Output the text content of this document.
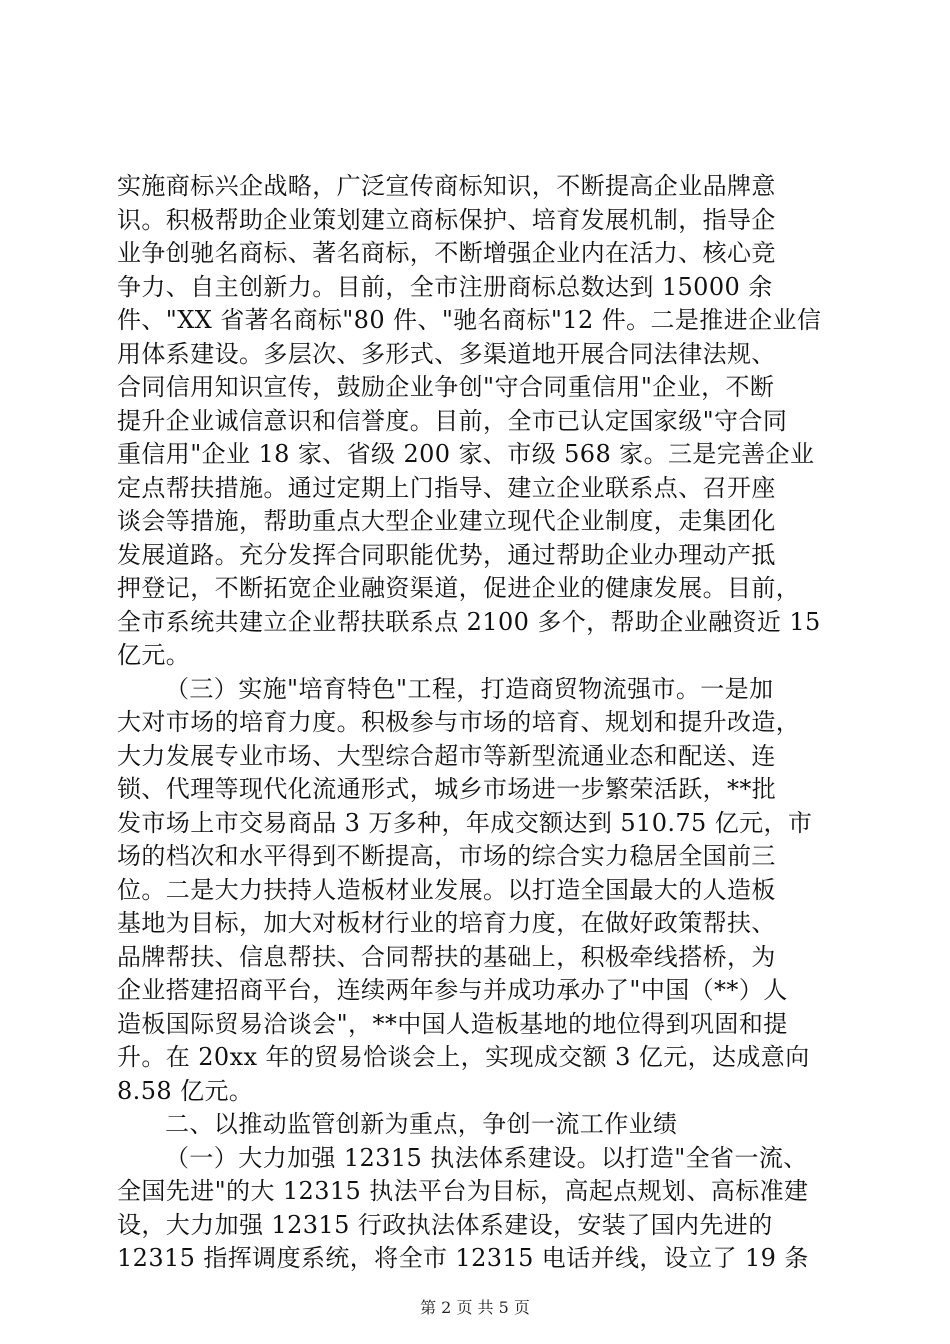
实施商标兴企战略，广泛宣传商标知识，不断提高企业品牌意
识。积极帮助企业策划建立商标保护、培育发展机制，指导企
业争创驰名商标、著名商标，不断增强企业内在活力、核心竞
争力、自主创新力。目前，全市注册商标总数达到 15000 余
件、"XX 省著名商标"80 件、"驰名商标"12 件。二是推进企业信
用体系建设。多层次、多形式、多渠道地开展合同法律法规、
合同信用知识宣传，鼓励企业争创"守合同重信用"企业，不断
提升企业诚信意识和信誉度。目前，全市已认定国家级"守合同
重信用"企业 18 家、省级 200 家、市级 568 家。三是完善企业
定点帮扶措施。通过定期上门指导、建立企业联系点、召开座
谈会等措施，帮助重点大型企业建立现代企业制度，走集团化
发展道路。充分发挥合同职能优势，通过帮助企业办理动产抵
押登记，不断拓宽企业融资渠道，促进企业的健康发展。目前，
全市系统共建立企业帮扶联系点 2100 多个，帮助企业融资近 15
亿元。
（三）实施"培育特色"工程，打造商贸物流强市。一是加
大对市场的培育力度。积极参与市场的培育、规划和提升改造，
大力发展专业市场、大型综合超市等新型流通业态和配送、连
锁、代理等现代化流通形式，城乡市场进一步繁荣活跃，**批
发市场上市交易商品 3 万多种，年成交额达到 510.75 亿元，市
场的档次和水平得到不断提高，市场的综合实力稳居全国前三
位。二是大力扶持人造板材业发展。以打造全国最大的人造板
基地为目标，加大对板材行业的培育力度，在做好政策帮扶、
品牌帮扶、信息帮扶、合同帮扶的基础上，积极牵线搭桥，为
企业搭建招商平台，连续两年参与并成功承办了"中国（**）人
造板国际贸易洽谈会"，**中国人造板基地的地位得到巩固和提
升。在 20xx 年的贸易恰谈会上，实现成交额 3 亿元，达成意向
8.58 亿元。
二、以推动监管创新为重点，争创一流工作业绩
（一）大力加强 12315 执法体系建设。以打造"全省一流、
全国先进"的大 12315 执法平台为目标，高起点规划、高标准建
设，大力加强 12315 行政执法体系建设，安装了国内先进的
12315 指挥调度系统，将全市 12315 电话并线，设立了 19 条
第 2 页 共 5 页
